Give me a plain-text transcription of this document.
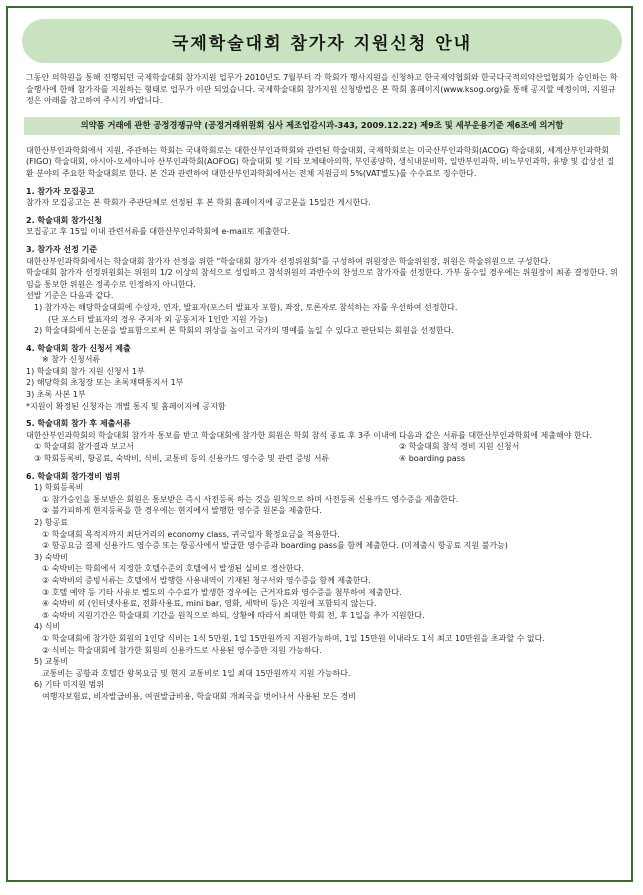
국제학술대회 참가자 지원신청 안내

그동안 의학원을 통해 진행되던 국제학술대회 참가지원 업무가 2010년도 7월부터 각 학회가 행사지원을 신청하고 한국제약협회와 한국다국적의약산업협회가 승인하는 학술행사에 한해 참가자를 지원하는 형태로 업무가 이관 되었습니다. 국제학술대회 참가지원 신청방법은 본 학회 홈페이지(www.ksog.org)를 통해 공지할 예정이며, 지원규정은 아래를 참고하여 주시기 바랍니다.

의약품 거래에 관한 공정경쟁규약 (공정거래위원회 심사 제조업감시과-343, 2009.12.22) 제9조 및 세부운용기준 제6조에 의거함

대한산부인과학회에서 지원, 주관하는 학회는 국내학회로는 대한산부인과학회와 관련된 학술대회, 국제학회로는 미국산부인과학회(ACOG) 학술대회, 세계산부인과학회(FIGO) 학술대회, 아시아-오세아니아 산부인과학회(AOFOG) 학술대회 및 기타 모체태아의학, 부인종양학, 생식내분비학, 일반부인과학, 비뇨부인과학, 유방 및 갑상선 질환 분야의 주요한 학술대회로 한다. 본 건과 관련하여 대한산부인과학회에서는 전체 지원금의 5%(VAT별도)를 수수료로 징수한다.

1. 참가자 모집공고

참가자 모집공고는 본 학회가 주관단체로 선정된 후 본 학회 홈페이지에 공고문을 15일간 게시한다.

2. 학술대회 참가신청

모집공고 후 15일 이내 관련서류를 대한산부인과학회에 e-mail로 제출한다.

3. 참가자 선정 기준

대한산부인과학회에서는 학술대회 참가자 선정을 위한 "학술대회 참가자 선정위원회"를 구성하여 위원장은 학술위원장, 위원은 학술위원으로 구성한다.

학술대회 참가자 선정위원회는 위원의 1/2 이상의 참석으로 성립하고 참석위원의 과반수의 찬성으로 참가자를 선정한다. 가부 동수일 경우에는 위원장이 최종 결정한다. 위임을 통보한 위원은 정족수로 인정하지 아니한다.

선발 기준은 다음과 같다.

1) 참가자는 해당학술대회에 수상자, 연자, 발표자(포스터 발표자 포함), 좌장, 토론자로 참석하는 자를 우선하여 선정한다.

(단 포스터 발표자의 경우 주저자 외 공동저자 1인만 지원 가능)

2) 학술대회에서 논문을 발표함으로써 본 학회의 위상을 높이고 국가의 명예를 높일 수 있다고 판단되는 회원을 선정한다.

4. 학술대회 참가 신청서 제출

※ 참가 신청서류

1) 학술대회 참가 지원 신청서 1부

2) 해당학회 초청장 또는 초록채택통지서 1부

3) 초록 사본 1부

*지원이 확정된 신청자는 개별 통지 및 홈페이지에 공지함

5. 학술대회 참가 후 제출서류

대한산부인과학회의 학술대회 참가자 통보를 받고 학술대회에 참가한 회원은 학회 참석 종료 후 3주 이내에 다음과 같은 서류를 대한산부인과학회에 제출해야 한다.

① 학술대회 참가결과 보고서	② 학술대회 참석 경비 지원 신청서
③ 학회등록비, 항공료, 숙박비, 식비, 교통비 등의 신용카드 영수증 및 관련 증빙 서류	④ boarding pass
6. 학술대회 참가경비 범위

1) 학회등록비

① 참가승인을 통보받은 회원은 통보받은 즉시 사전등록 하는 것을 원칙으로 하며 사전등록 신용카드 영수증을 제출한다.

② 불가피하게 현지등록을 한 경우에는 현지에서 발행한 영수증 원본을 제출한다.

2) 항공료

① 학술대회 목적지까지 최단거리의 economy class, 귀국일자 확정요금을 적용한다.

② 항공요금 결제 신용카드 영수증 또는 항공사에서 발급한 영수증과 boarding pass를 함께 제출한다. (미제출시 항공료 지원 불가능)

3) 숙박비

① 숙박비는 학회에서 지정한 호텔수준의 호텔에서 발생된 실비로 정산한다.

② 숙박비의 증빙서류는 호텔에서 발행한 사용내역이 기재된 청구서와 영수증을 함께 제출한다.

③ 호텔 예약 등 기타 사유로 별도의 수수료가 발생한 경우에는 근거자료와 영수증을 첨부하여 제출한다.

④ 숙박비 외 (인터넷사용료, 전화사용료, mini bar, 영화, 세탁비 등)은 지원에 포함되지 않는다.

⑤ 숙박비 지원기간은 학술대회 기간을 원칙으로 하되, 상황에 따라서 최대한 학회 전, 후 1일을 추가 지원한다.

4) 식비

① 학술대회에 참가한 회원의 1인당 식비는 1식 5만원, 1일 15만원까지 지원가능하며, 1일 15만원 이내라도 1식 최고 10만원을 초과할 수 없다.

② 식비는 학술대회에 참가한 회원의 신용카드로 사용된 영수증만 지원 가능하다.

5) 교통비

교통비는 공항과 호텔간 왕복요금 및 현지 교통비로 1일 최대 15만원까지 지원 가능하다.

6) 기타 미지원 범위

여행자보험료, 비자발급비용, 여권발급비용, 학술대회 개최국을 벗어나서 사용된 모든 경비
